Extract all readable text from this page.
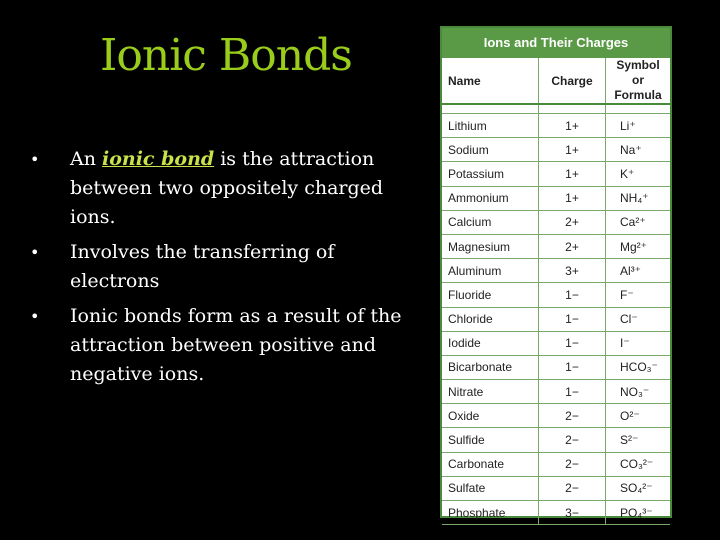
Ionic Bonds
• An ionic bond is the attraction between two oppositely charged ions.
• Involves the transferring of electrons
• Ionic bonds form as a result of the attraction between positive and negative ions.
Ions and Their Charges
Name	Charge	Symbol or Formula

Lithium	1+	Li⁺
Sodium	1+	Na⁺
Potassium	1+	K⁺
Ammonium	1+	NH₄⁺
Calcium	2+	Ca²⁺
Magnesium	2+	Mg²⁺
Aluminum	3+	Al³⁺
Fluoride	1−	F⁻
Chloride	1−	Cl⁻
Iodide	1−	I⁻
Bicarbonate	1−	HCO₃⁻
Nitrate	1−	NO₃⁻
Oxide	2−	O²⁻
Sulfide	2−	S²⁻
Carbonate	2−	CO₃²⁻
Sulfate	2−	SO₄²⁻
Phosphate	3−	PO₄³⁻
